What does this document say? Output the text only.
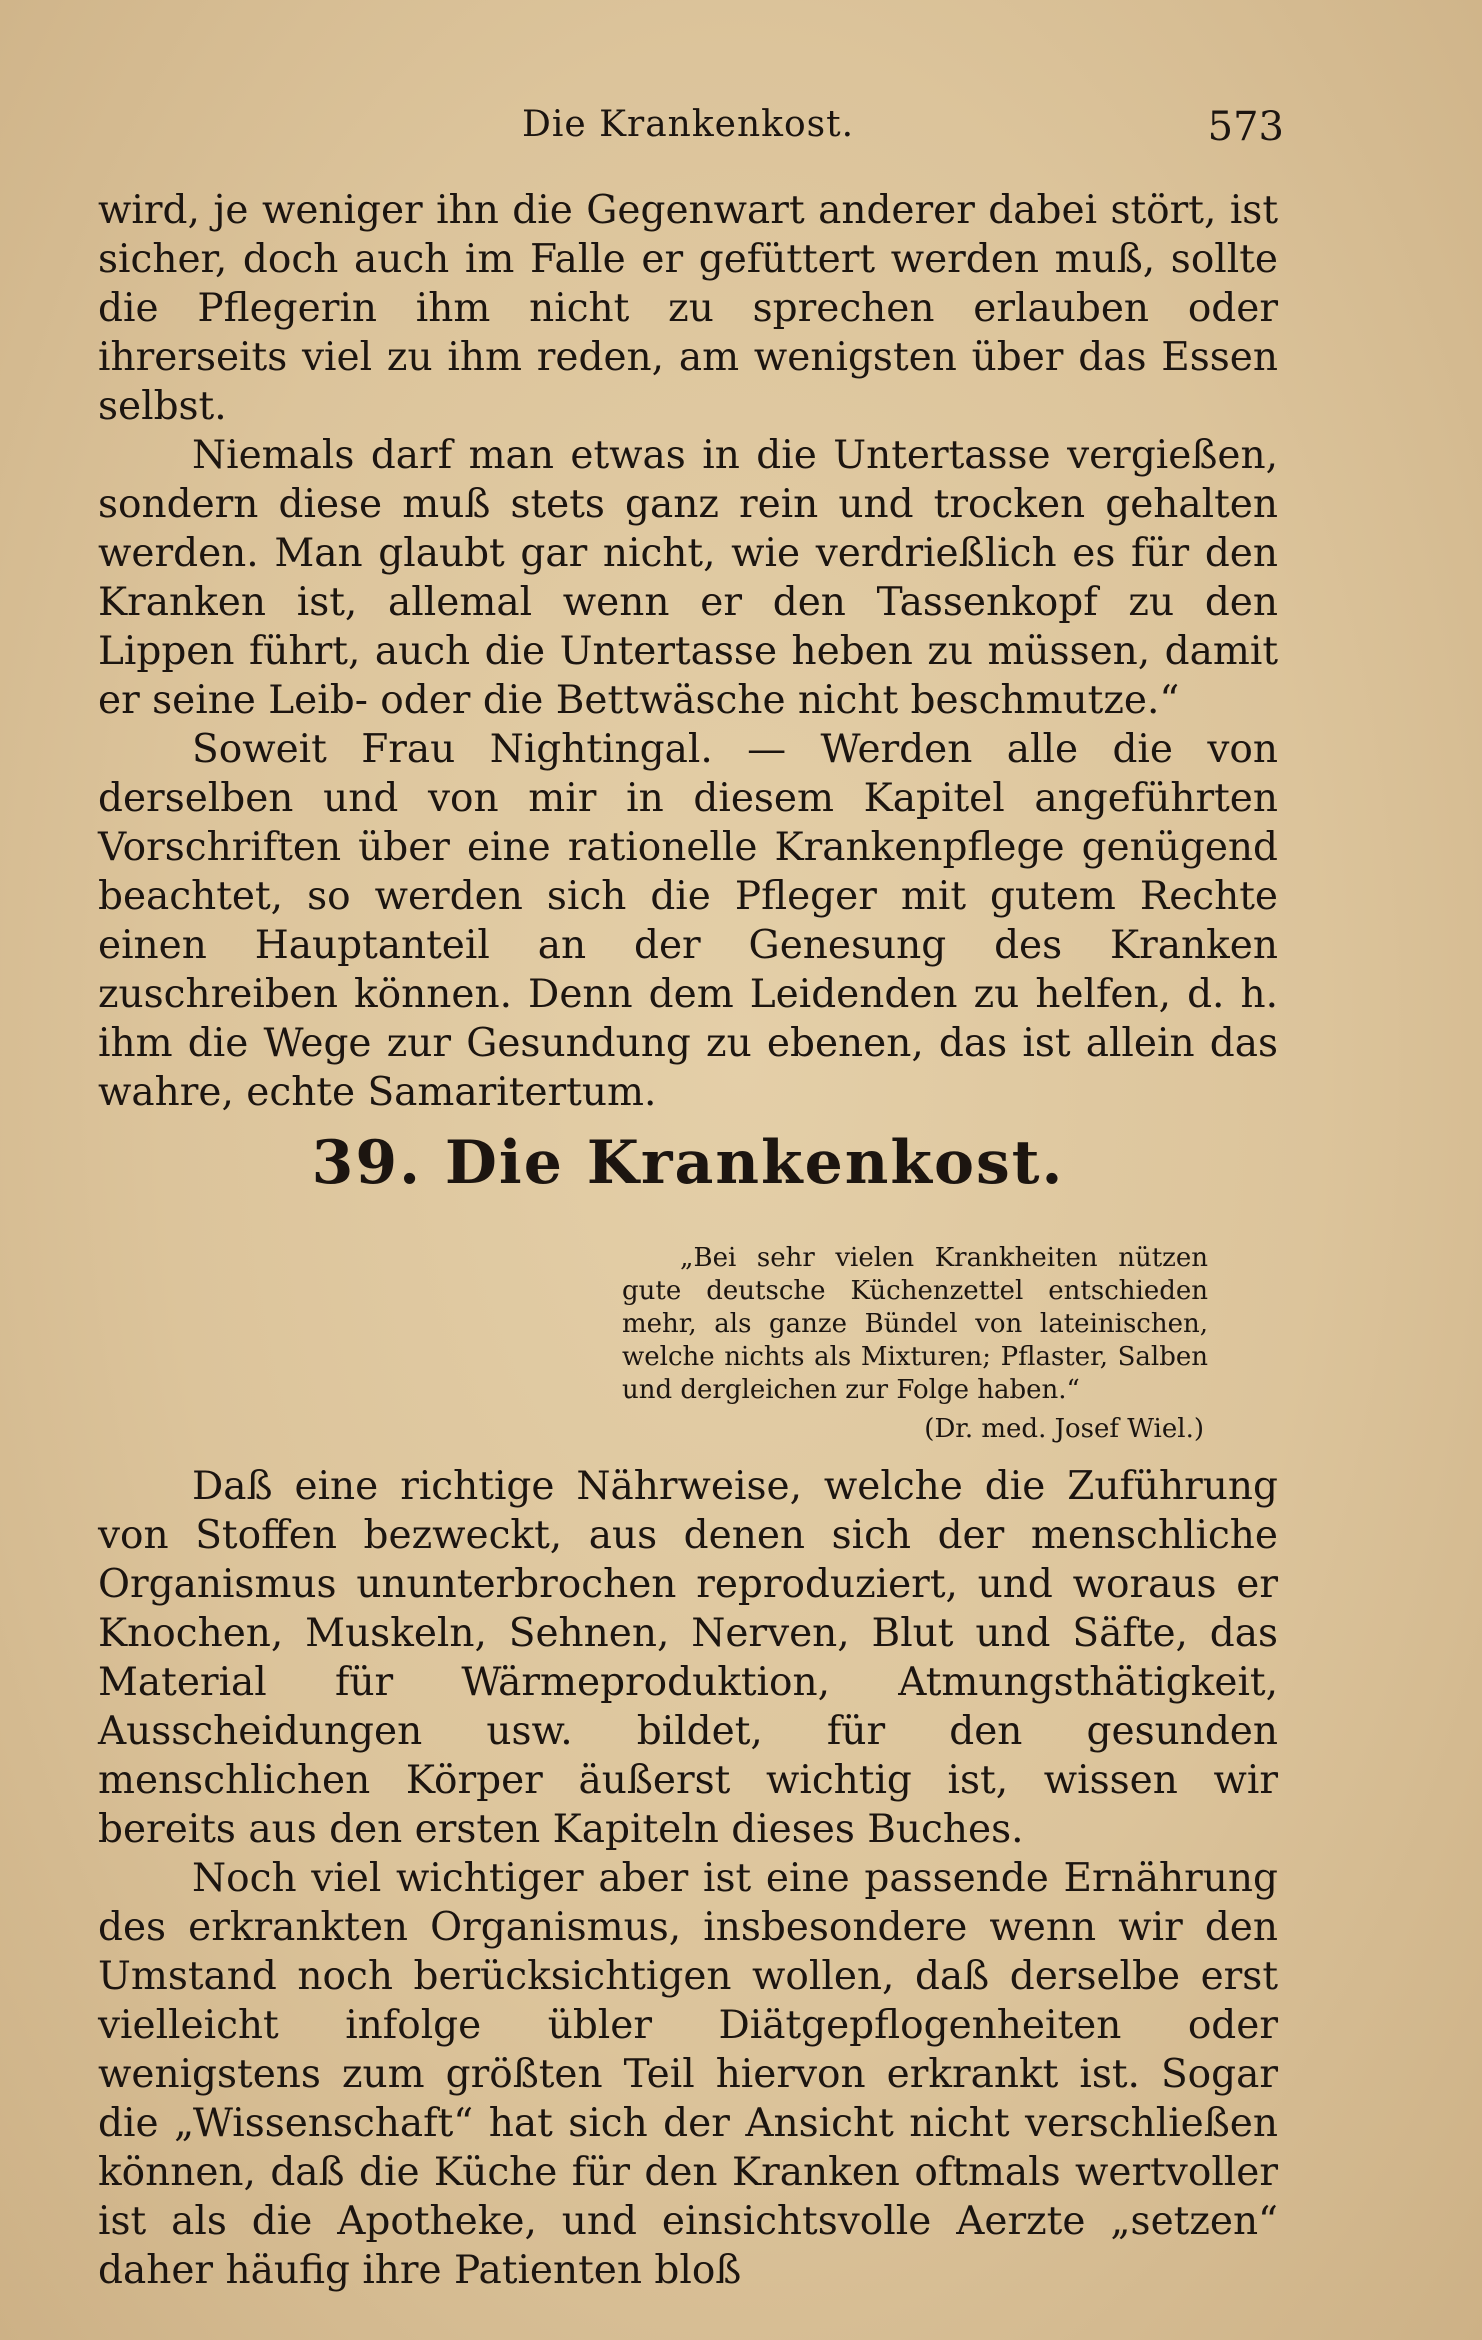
Die Krankenkost.	573

wird, je weniger ihn die Gegenwart anderer dabei stört, ist sicher, doch auch im Falle er gefüttert werden muß, sollte die Pflegerin ihm nicht zu sprechen erlauben oder ihrerseits viel zu ihm reden, am wenigsten über das Essen selbst.

Niemals darf man etwas in die Untertasse vergießen, sondern diese muß stets ganz rein und trocken gehalten werden. Man glaubt gar nicht, wie verdrießlich es für den Kranken ist, allemal wenn er den Tassenkopf zu den Lippen führt, auch die Untertasse heben zu müssen, damit er seine Leib- oder die Bettwäsche nicht beschmutze.“

Soweit Frau Nightingal. — Werden alle die von derselben und von mir in diesem Kapitel angeführten Vorschriften über eine rationelle Krankenpflege genügend beachtet, so werden sich die Pfleger mit gutem Rechte einen Hauptanteil an der Genesung des Kranken zuschreiben können. Denn dem Leidenden zu helfen, d. h. ihm die Wege zur Gesundung zu ebenen, das ist allein das wahre, echte Samaritertum.

39. Die Krankenkost.

„Bei sehr vielen Krankheiten nützen gute deutsche Küchenzettel entschieden mehr, als ganze Bündel von lateinischen, welche nichts als Mixturen; Pflaster, Salben und dergleichen zur Folge haben.“

(Dr. med. Josef Wiel.)

Daß eine richtige Nährweise, welche die Zuführung von Stoffen bezweckt, aus denen sich der menschliche Organismus ununterbrochen reproduziert, und woraus er Knochen, Muskeln, Sehnen, Nerven, Blut und Säfte, das Material für Wärmeproduktion, Atmungsthätigkeit, Ausscheidungen usw. bildet, für den gesunden menschlichen Körper äußerst wichtig ist, wissen wir bereits aus den ersten Kapiteln dieses Buches.

Noch viel wichtiger aber ist eine passende Ernährung des erkrankten Organismus, insbesondere wenn wir den Umstand noch berücksichtigen wollen, daß derselbe erst vielleicht infolge übler Diätgepflogenheiten oder wenigstens zum größten Teil hiervon erkrankt ist. Sogar die „Wissenschaft“ hat sich der Ansicht nicht verschließen können, daß die Küche für den Kranken oftmals wertvoller ist als die Apotheke, und einsichtsvolle Aerzte „setzen“ daher häufig ihre Patienten bloß
